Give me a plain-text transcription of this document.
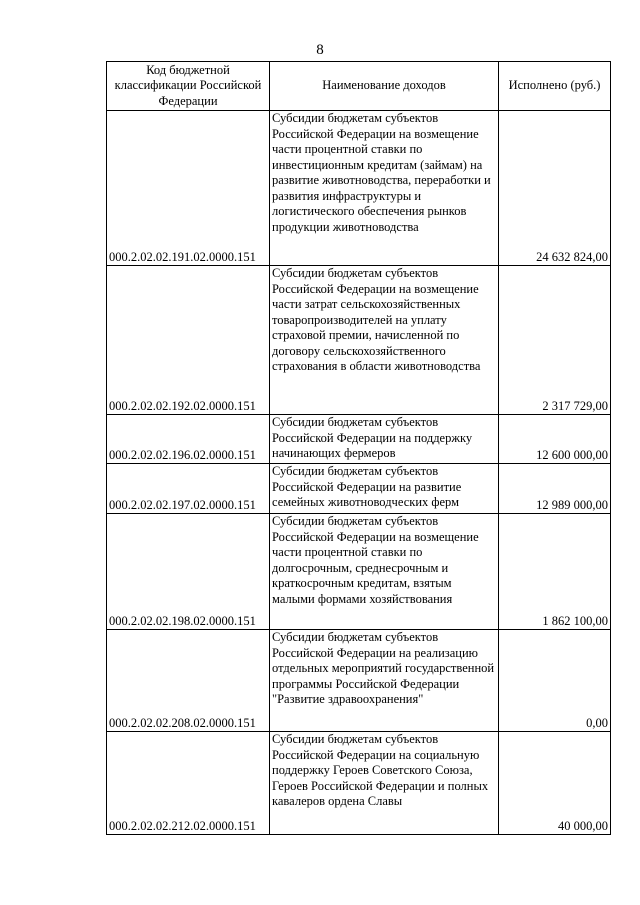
8
Код бюджетной классификации Российской Федерации	Наименование доходов	Исполнено (руб.)
000.2.02.02.191.02.0000.151	Субсидии бюджетам субъектов Российской Федерации на возмещение части процентной ставки по инвестиционным кредитам (займам) на развитие животноводства, переработки и развития инфраструктуры и логистического обеспечения рынков продукции животноводства	24 632 824,00
000.2.02.02.192.02.0000.151	Субсидии бюджетам субъектов Российской Федерации на возмещение части затрат сельскохозяйственных товаропроизводителей на уплату страховой премии, начисленной по договору сельскохозяйственного страхования в области животноводства	2 317 729,00
000.2.02.02.196.02.0000.151	Субсидии бюджетам субъектов Российской Федерации на поддержку начинающих фермеров	12 600 000,00
000.2.02.02.197.02.0000.151	Субсидии бюджетам субъектов Российской Федерации на развитие семейных животноводческих ферм	12 989 000,00
000.2.02.02.198.02.0000.151	Субсидии бюджетам субъектов Российской Федерации на возмещение части процентной ставки по долгосрочным, среднесрочным и краткосрочным кредитам, взятым малыми формами хозяйствования	1 862 100,00
000.2.02.02.208.02.0000.151	Субсидии бюджетам субъектов Российской Федерации на реализацию отдельных мероприятий государственной программы Российской Федерации "Развитие здравоохранения"	0,00
000.2.02.02.212.02.0000.151	Субсидии бюджетам субъектов Российской Федерации на социальную поддержку Героев Советского Союза, Героев Российской Федерации и полных кавалеров ордена Славы	40 000,00
